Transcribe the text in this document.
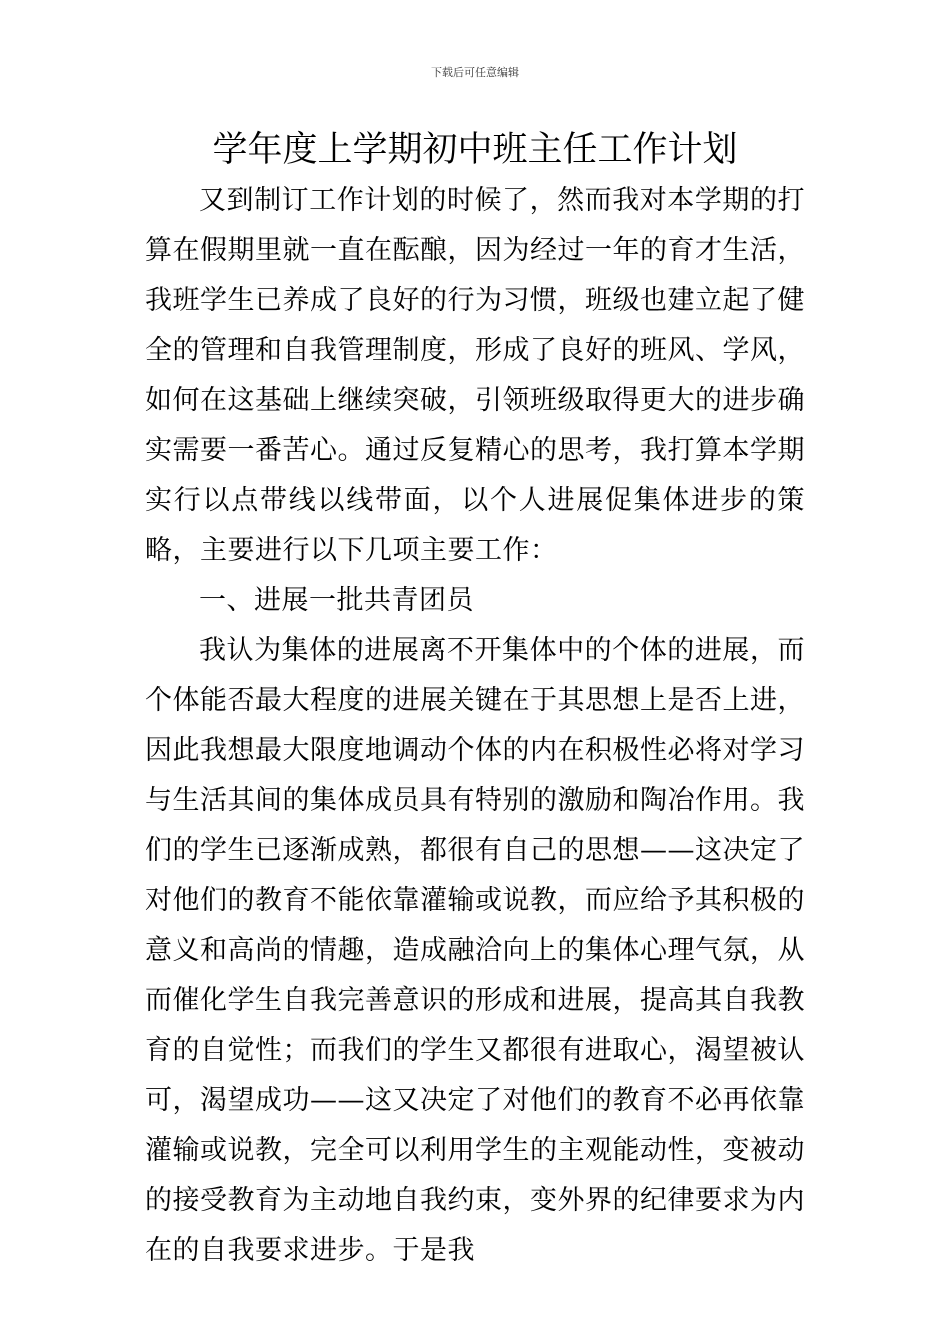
下载后可任意编辑
学年度上学期初中班主任工作计划

又到制订工作计划的时候了，然而我对本学期的打算在假期里就一直在酝酿，因为经过一年的育才生活，我班学生已养成了良好的行为习惯，班级也建立起了健全的管理和自我管理制度，形成了良好的班风、学风，如何在这基础上继续突破，引领班级取得更大的进步确实需要一番苦心。通过反复精心的思考，我打算本学期实行以点带线以线带面，以个人进展促集体进步的策略，主要进行以下几项主要工作：

一、进展一批共青团员

我认为集体的进展离不开集体中的个体的进展，而个体能否最大程度的进展关键在于其思想上是否上进，因此我想最大限度地调动个体的内在积极性必将对学习与生活其间的集体成员具有特别的激励和陶冶作用。我们的学生已逐渐成熟，都很有自己的思想——这决定了对他们的教育不能依靠灌输或说教，而应给予其积极的意义和高尚的情趣，造成融洽向上的集体心理气氛，从而催化学生自我完善意识的形成和进展，提高其自我教育的自觉性；而我们的学生又都很有进取心，渴望被认可，渴望成功——这又决定了对他们的教育不必再依靠灌输或说教，完全可以利用学生的主观能动性，变被动的接受教育为主动地自我约束，变外界的纪律要求为内在的自我要求进步。于是我
